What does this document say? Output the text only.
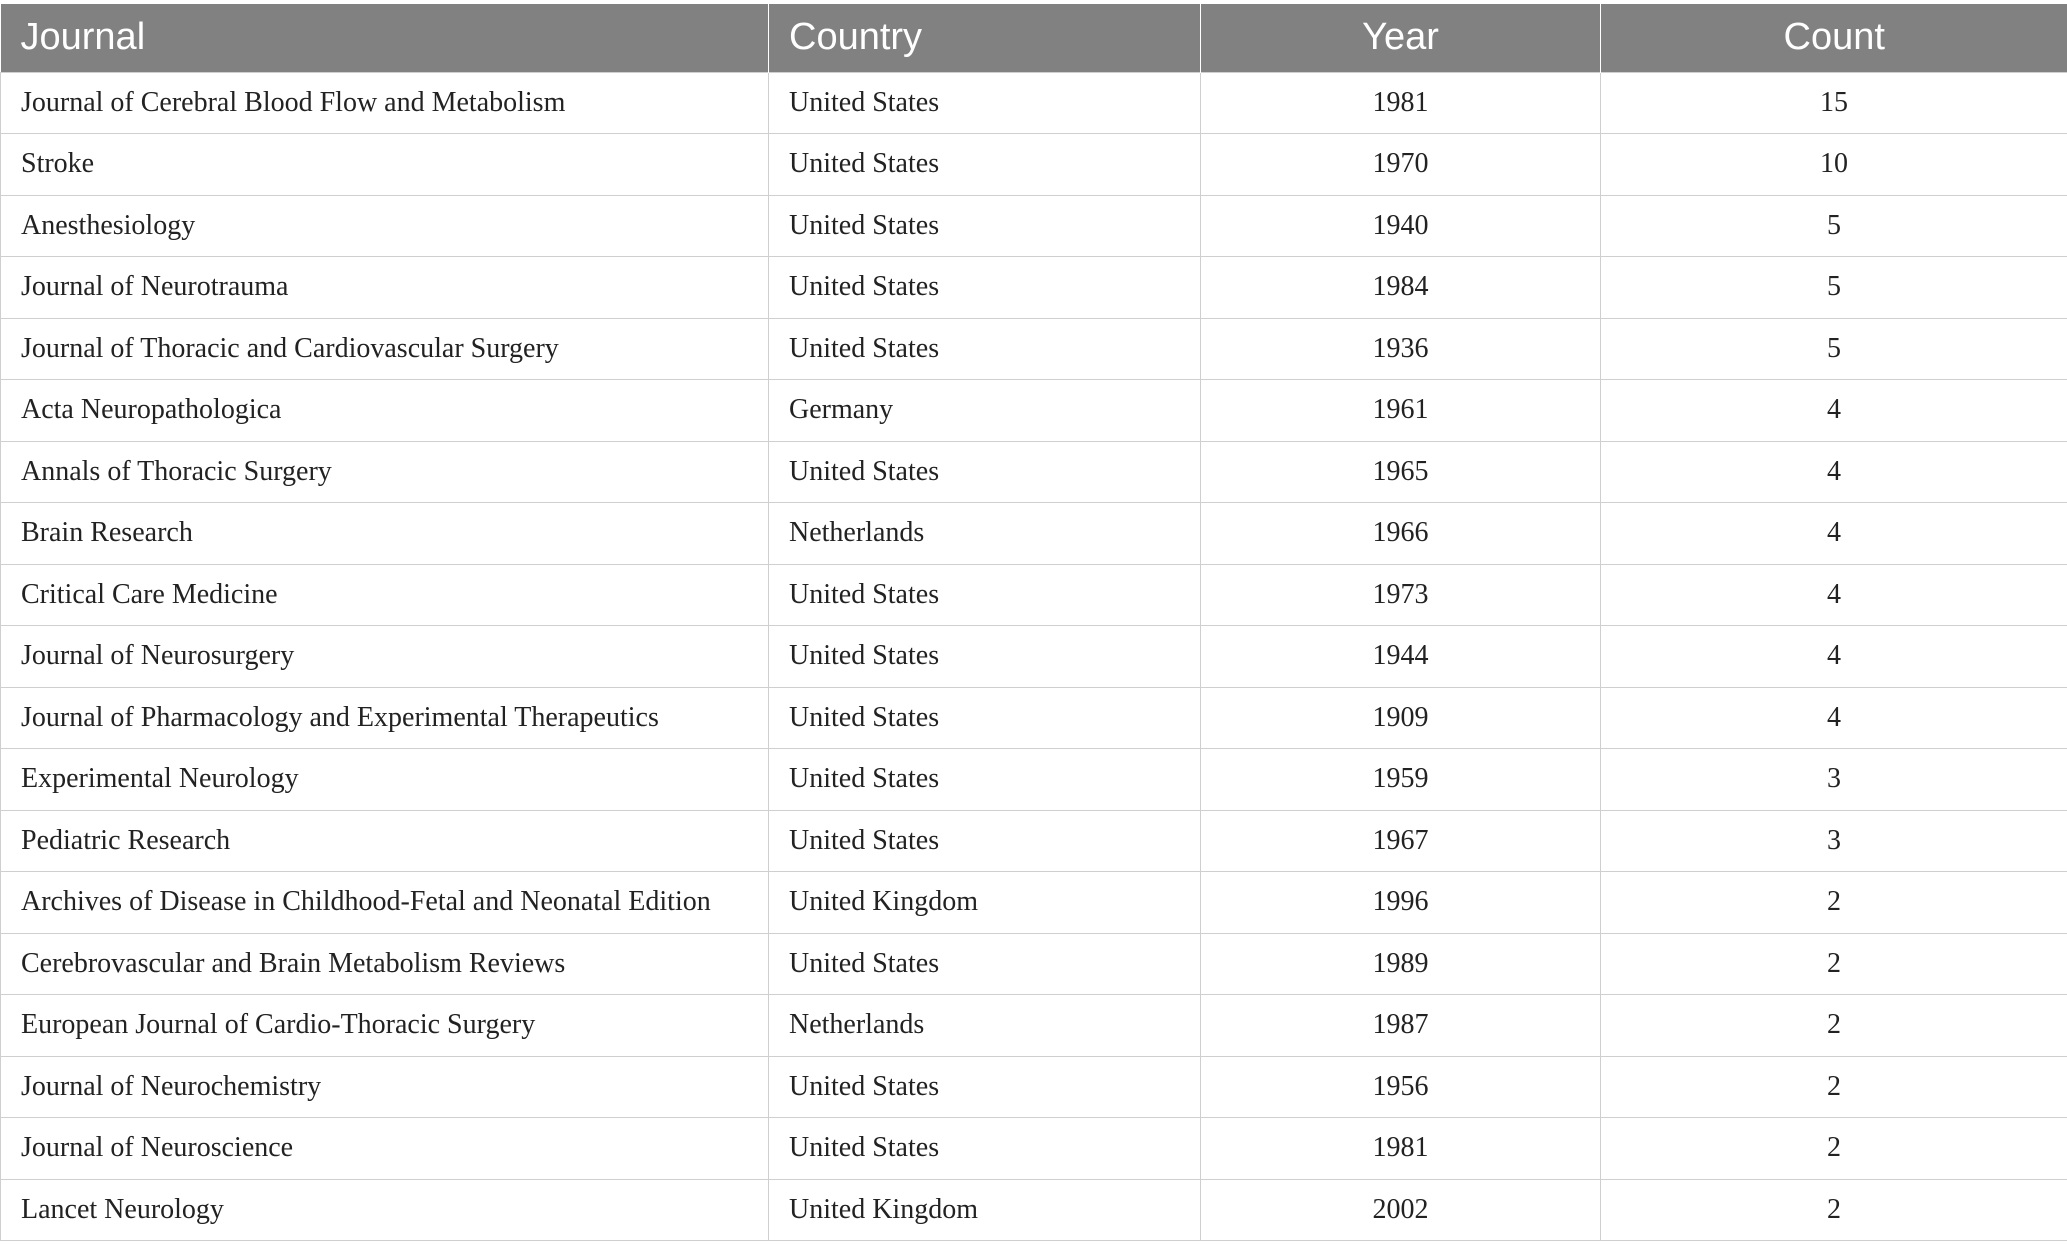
Journal	Country	Year	Count
Journal of Cerebral Blood Flow and Metabolism	United States	1981	15
Stroke	United States	1970	10
Anesthesiology	United States	1940	5
Journal of Neurotrauma	United States	1984	5
Journal of Thoracic and Cardiovascular Surgery	United States	1936	5
Acta Neuropathologica	Germany	1961	4
Annals of Thoracic Surgery	United States	1965	4
Brain Research	Netherlands	1966	4
Critical Care Medicine	United States	1973	4
Journal of Neurosurgery	United States	1944	4
Journal of Pharmacology and Experimental Therapeutics	United States	1909	4
Experimental Neurology	United States	1959	3
Pediatric Research	United States	1967	3
Archives of Disease in Childhood-Fetal and Neonatal Edition	United Kingdom	1996	2
Cerebrovascular and Brain Metabolism Reviews	United States	1989	2
European Journal of Cardio-Thoracic Surgery	Netherlands	1987	2
Journal of Neurochemistry	United States	1956	2
Journal of Neuroscience	United States	1981	2
Lancet Neurology	United Kingdom	2002	2
